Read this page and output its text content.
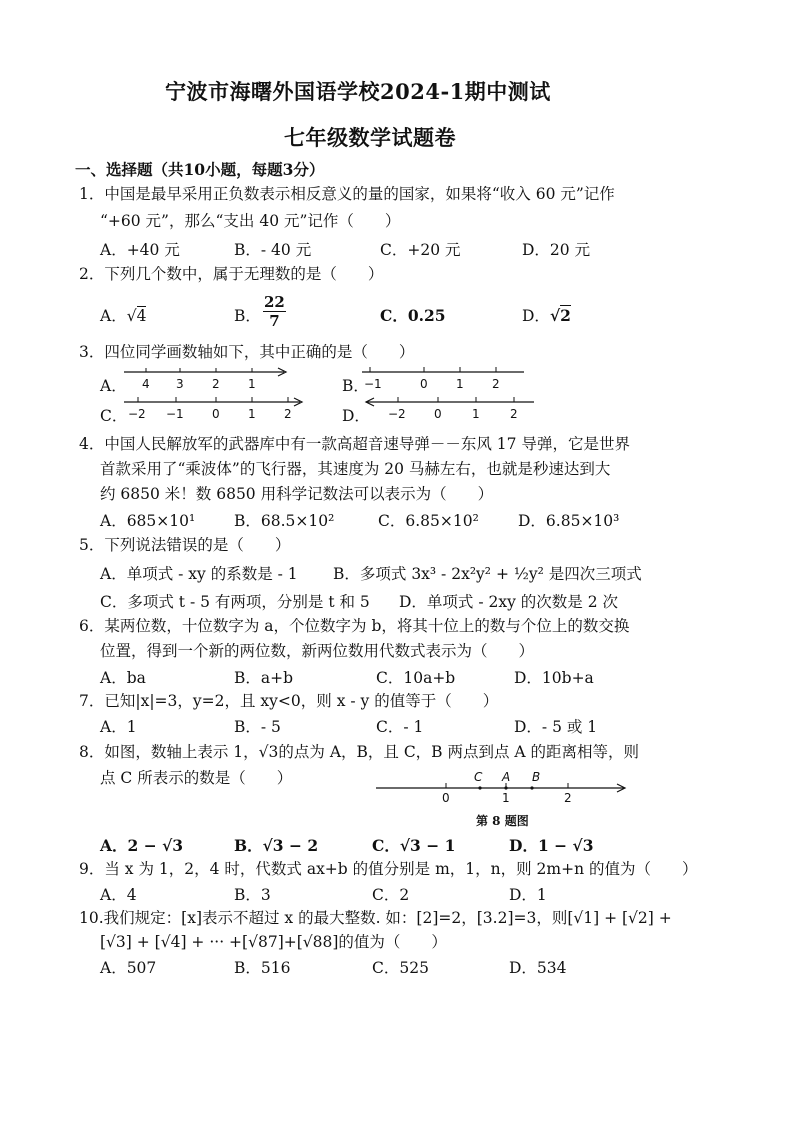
宁波市海曙外国语学校2024-1期中测试
七年级数学试题卷
一、选择题（共10小题，每题3分）
1．中国是最早采用正负数表示相反意义的量的国家，如果将“收入 60 元”记作
“+60 元”，那么“支出 40 元”记作（　　）
A．+40 元	B．- 40 元	C．+20 元	D．20 元
2．下列几个数中，属于无理数的是（　　）
A．√4	B． $\frac{22}{7}$	C．0.25	D．√2
3．四位同学画数轴如下，其中正确的是（　　）
A．	B．
C．	D．
4 3 2 1	−1	0 1 2
−2 −1 0 1 2	−2 0	1	2
4．中国人民解放军的武器库中有一款高超音速导弹－－东风 17 导弹，它是世界
首款采用了“乘波体”的飞行器，其速度为 20 马赫左右，也就是秒速达到大
约 6850 米！数 6850 用科学记数法可以表示为（　　）
A．685×10¹	B．68.5×10²	C．6.85×10²	D．6.85×10³
5．下列说法错误的是（　　）
A．单项式 - xy 的系数是 - 1 B．多项式 3x³ - 2x²y² + ½y² 是四次三项式
C．多项式 t - 5 有两项，分别是 t 和 5 D．单项式 - 2xy 的次数是 2 次
6．某两位数，十位数字为 a，个位数字为 b，将其十位上的数与个位上的数交换
位置，得到一个新的两位数，新两位数用代数式表示为（　　）
A．ba	B．a+b	C．10a+b	D．10b+a
7．已知|x|=3，y=2，且 xy<0，则 x - y 的值等于（　　）
A．1	B．- 5	C．- 1	D．- 5 或 1
8．如图，数轴上表示 1，√3的点为 A，B，且 C，B 两点到点 A 的距离相等，则
点 C 所表示的数是（　　）	C A B
0	1	2
第 8 题图
A．2 − √3	B．√3 − 2	C．√3 − 1	D．1 − √3
9．当 x 为 1，2，4 时，代数式 ax+b 的值分别是 m，1，n，则 2m+n 的值为（　　）
A．4	B．3	C．2	D．1
10.我们规定：[x]表示不超过 x 的最大整数. 如：[2]=2，[3.2]=3，则[√1] + [√2] +
[√3] + [√4] + ··· +[√87]+[√88]的值为（　　）
A．507	B．516	C．525	D．534
